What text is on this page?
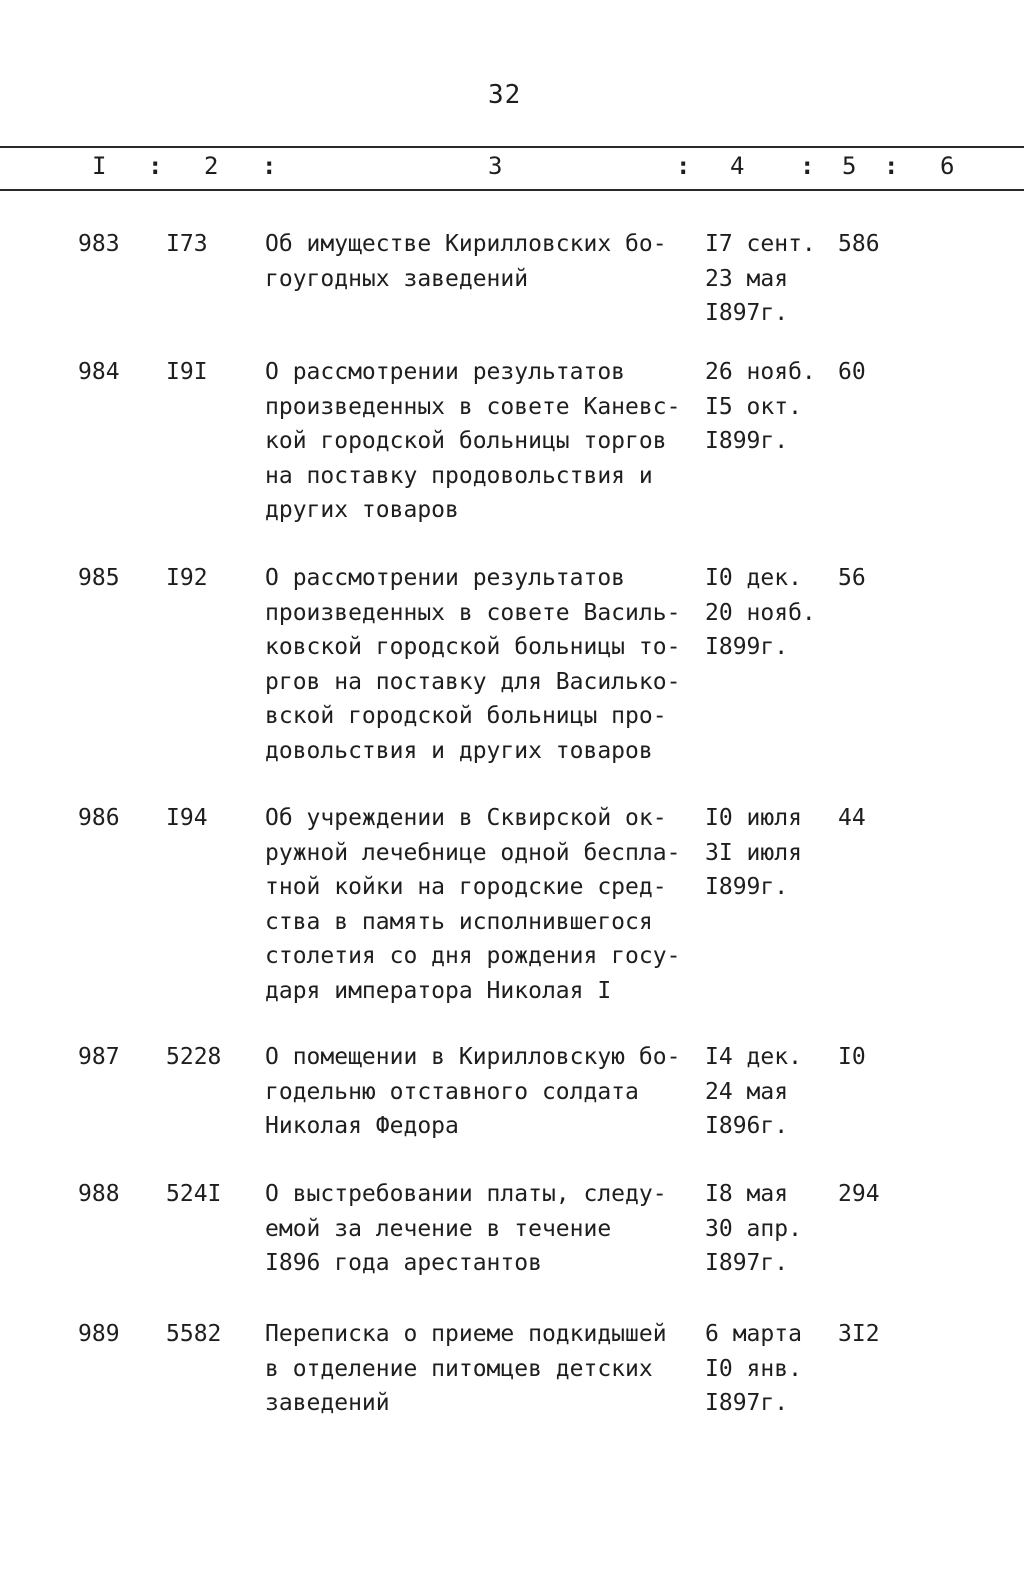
32
I : 2 :	3	: 4 : 5 : 6
983 I73 Об имуществе Кирилловских бо-
гоугодных заведений
I7 сент.
23 мая
I897г.
586
984 I9I О рассмотрении результатов
произведенных в совете Каневс-
кой городской больницы торгов
на поставку продовольствия и
других товаров
26 нояб.
I5 окт.
I899г.
60
985 I92 О рассмотрении результатов
произведенных в совете Василь-
ковской городской больницы то-
ргов на поставку для Василько-
вской городской больницы про-
довольствия и других товаров
I0 дек.
20 нояб.
I899г.
56
986 I94 Об учреждении в Сквирской ок-
ружной лечебнице одной беспла-
тной койки на городские сред-
ства в память исполнившегося
столетия со дня рождения госу-
даря императора Николая I
I0 июля
3I июля
I899г.
44
987 5228 О помещении в Кирилловскую бо-
годельню отставного солдата
Николая Федорa
I4 дек.
24 мая
I896г.
I0
988 524I О выстребовании платы, следу-
емой за лечение в течение
I896 года арестантов
I8 мая
30 апр.
I897г.
294
989 5582 Переписка о приеме подкидышей
в отделение питомцев детских
заведений
6 марта
I0 янв.
I897г.
3I2
